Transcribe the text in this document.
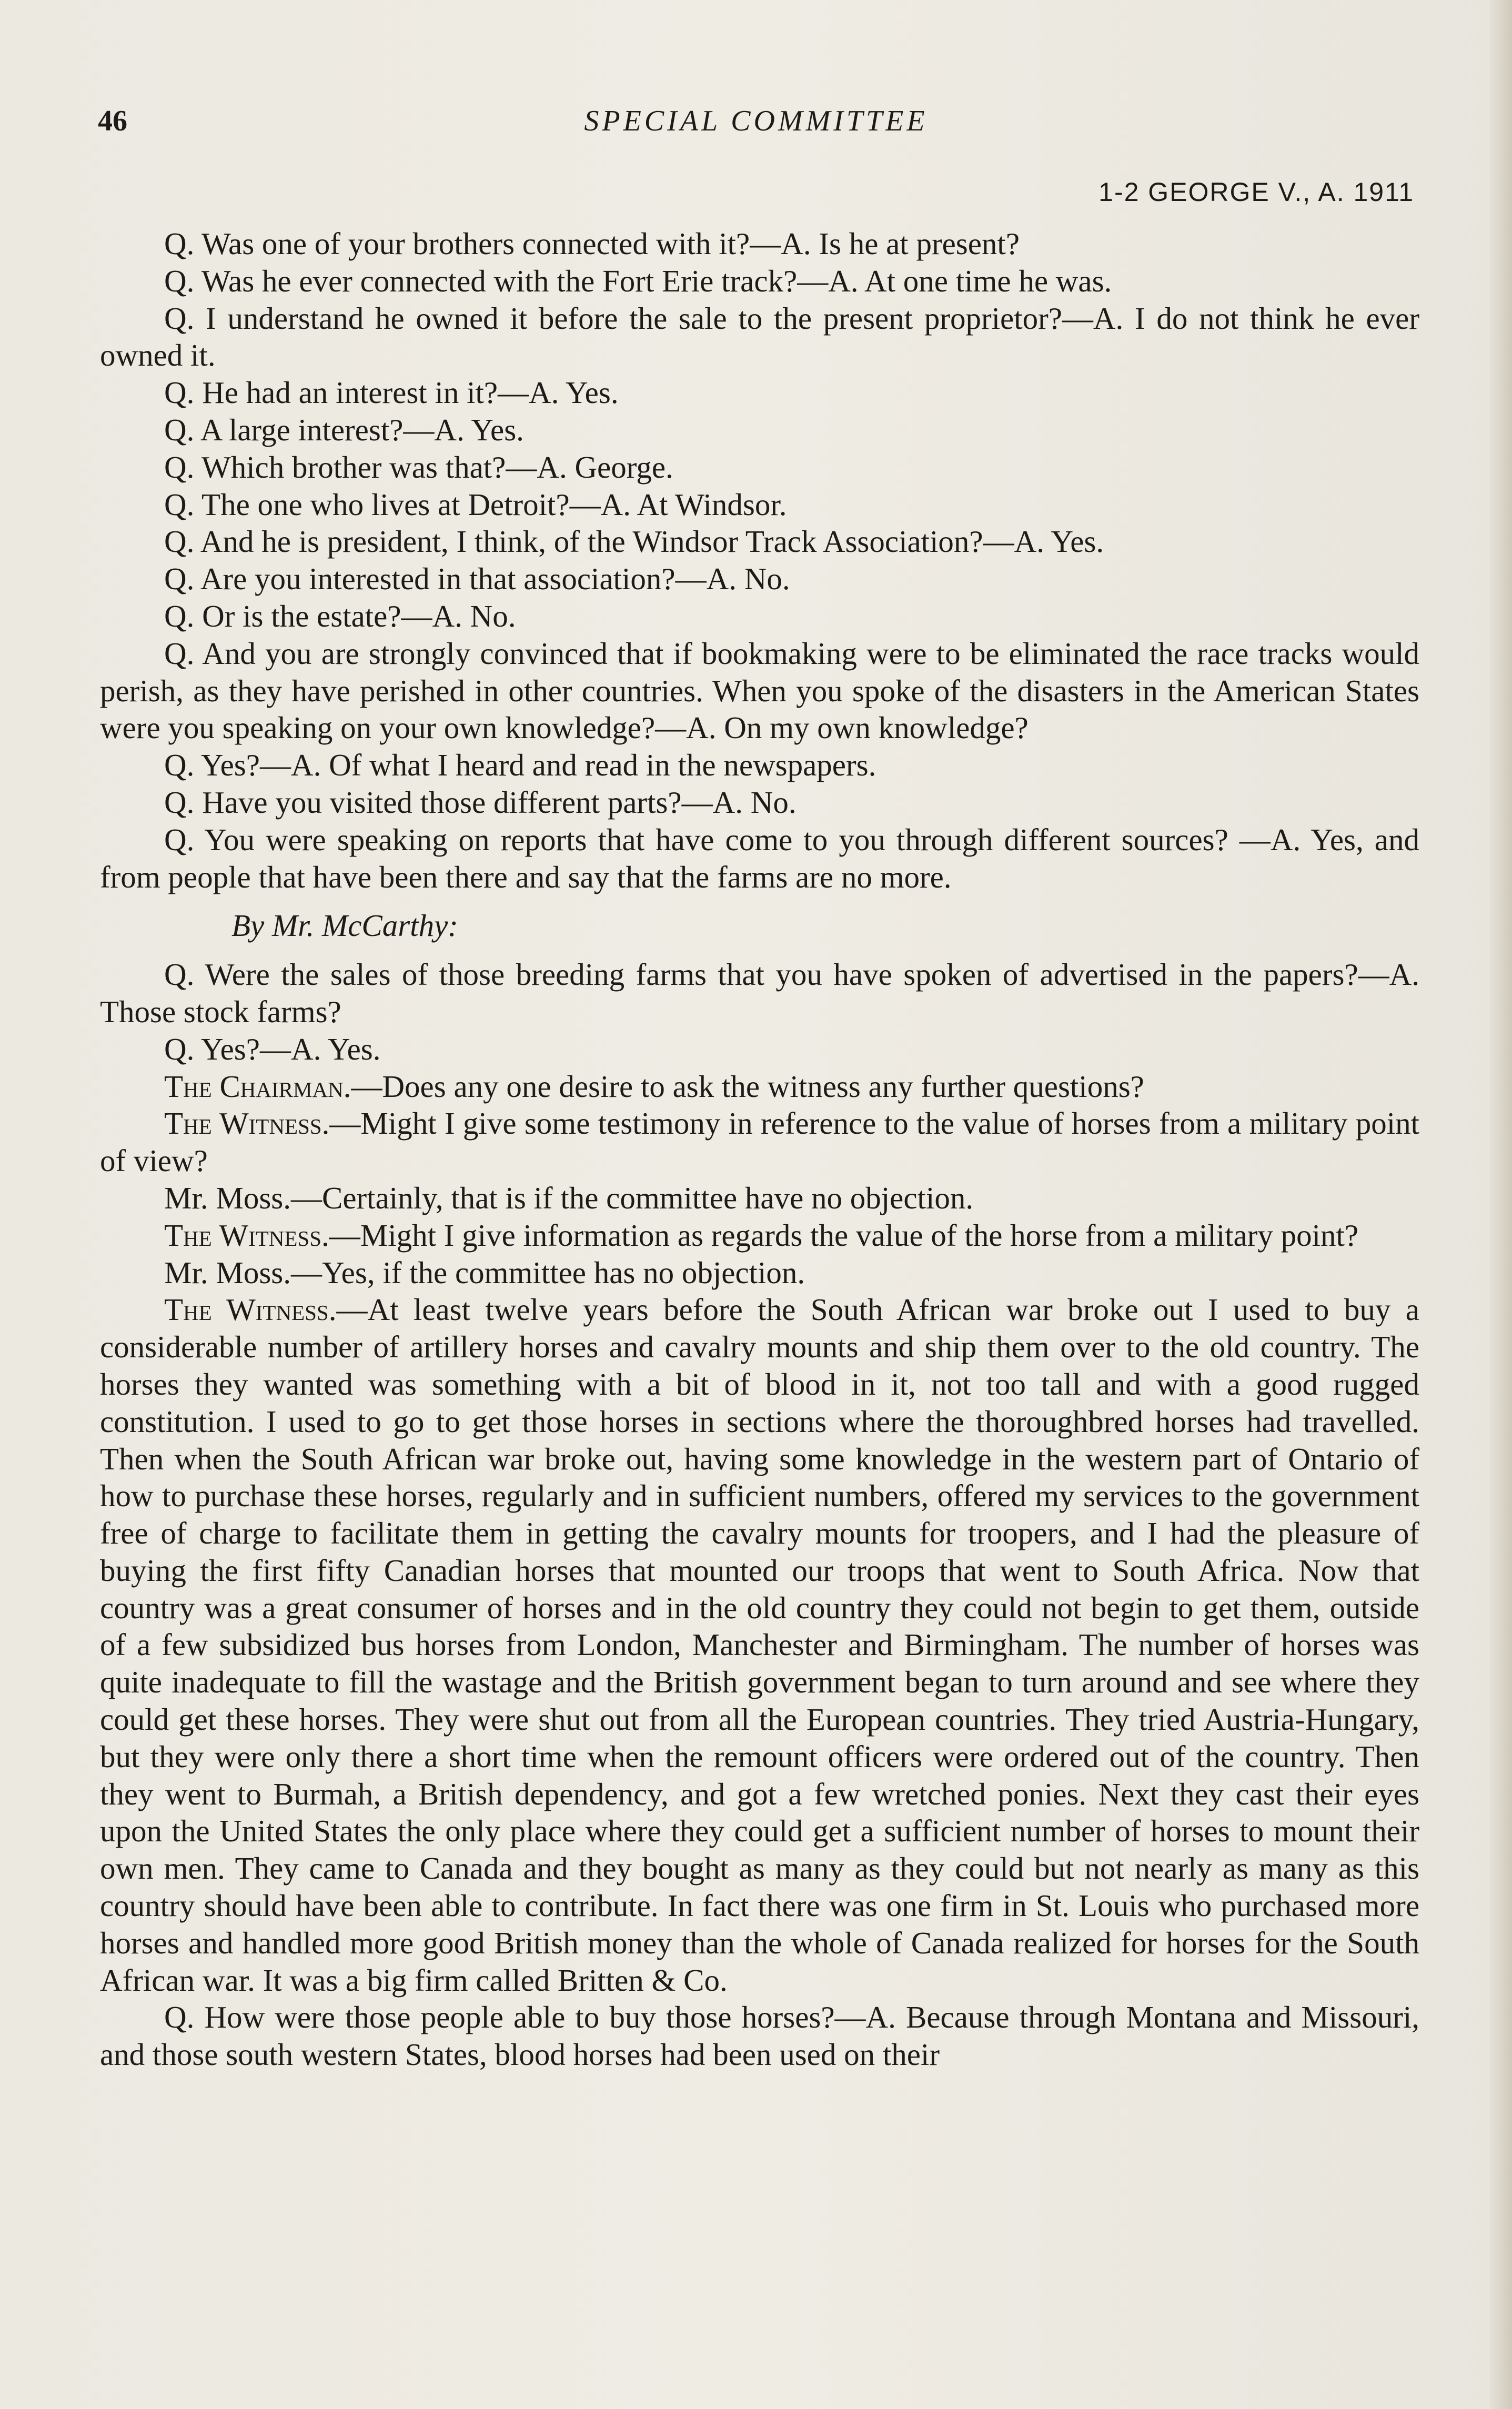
46	SPECIAL COMMITTEE
1-2 GEORGE V., A. 1911

Q. Was one of your brothers connected with it?—A. Is he at present?

Q. Was he ever connected with the Fort Erie track?—A. At one time he was.

Q. I understand he owned it before the sale to the present proprietor?—A. I do not think he ever owned it.

Q. He had an interest in it?—A. Yes.

Q. A large interest?—A. Yes.

Q. Which brother was that?—A. George.

Q. The one who lives at Detroit?—A. At Windsor.

Q. And he is president, I think, of the Windsor Track Association?—A. Yes.

Q. Are you interested in that association?—A. No.

Q. Or is the estate?—A. No.

Q. And you are strongly convinced that if bookmaking were to be eliminated the race tracks would perish, as they have perished in other countries. When you spoke of the disasters in the American States were you speaking on your own knowledge?—A. On my own knowledge?

Q. Yes?—A. Of what I heard and read in the newspapers.

Q. Have you visited those different parts?—A. No.

Q. You were speaking on reports that have come to you through different sources? —A. Yes, and from people that have been there and say that the farms are no more.

By Mr. McCarthy:

Q. Were the sales of those breeding farms that you have spoken of advertised in the papers?—A. Those stock farms?

Q. Yes?—A. Yes.

The Chairman.—Does any one desire to ask the witness any further questions?

The Witness.—Might I give some testimony in reference to the value of horses from a military point of view?

Mr. Moss.—Certainly, that is if the committee have no objection.

The Witness.—Might I give information as regards the value of the horse from a military point?

Mr. Moss.—Yes, if the committee has no objection.

The Witness.—At least twelve years before the South African war broke out I used to buy a considerable number of artillery horses and cavalry mounts and ship them over to the old country. The horses they wanted was something with a bit of blood in it, not too tall and with a good rugged constitution. I used to go to get those horses in sections where the thoroughbred horses had travelled. Then when the South African war broke out, having some knowledge in the western part of Ontario of how to purchase these horses, regularly and in sufficient numbers, offered my services to the government free of charge to facilitate them in getting the cavalry mounts for troopers, and I had the pleasure of buying the first fifty Canadian horses that mounted our troops that went to South Africa. Now that country was a great consumer of horses and in the old country they could not begin to get them, outside of a few subsidized bus horses from London, Manchester and Birmingham. The number of horses was quite inadequate to fill the wastage and the British government began to turn around and see where they could get these horses. They were shut out from all the European countries. They tried Austria-Hungary, but they were only there a short time when the remount officers were ordered out of the country. Then they went to Burmah, a British dependency, and got a few wretched ponies. Next they cast their eyes upon the United States the only place where they could get a sufficient number of horses to mount their own men. They came to Canada and they bought as many as they could but not nearly as many as this country should have been able to contribute. In fact there was one firm in St. Louis who purchased more horses and handled more good British money than the whole of Canada realized for horses for the South African war. It was a big firm called Britten & Co.

Q. How were those people able to buy those horses?—A. Because through Montana and Missouri, and those south western States, blood horses had been used on their
